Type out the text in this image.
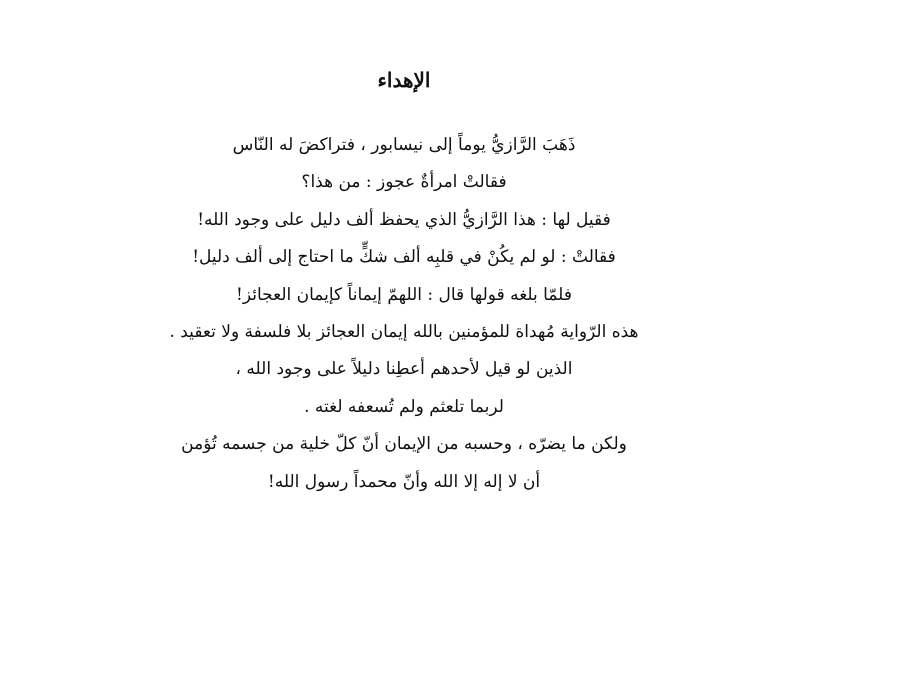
الإهداء
ذَهَبَ الرَّازيُّ يوماً إلى نيسابور ، فتراكضَ له النّاس
فقالتْ امرأةٌ عجوز : من هذا؟
فقيل لها : هذا الرَّازيُّ الذي يحفظ ألف دليل على وجود الله!
فقالتْ : لو لم يكُنْ في قلبِه ألف شكٍّ ما احتاج إلى ألف دليل!
فلمّا بلغه قولها قال : اللهمّ إيماناً كإيمان العجائز!
هذه الرّواية مُهداة للمؤمنين بالله إيمان العجائز بلا فلسفة ولا تعقيد .
الذين لو قيل لأحدهم أعطِنا دليلاً على وجود الله ،
لربما تلعثم ولم تُسعفه لغته .
ولكن ما يضرّه ، وحسبه من الإيمان أنّ كلّ خلية من جسمه تُؤمن
أن لا إله إلا الله وأنّ محمداً رسول الله!
